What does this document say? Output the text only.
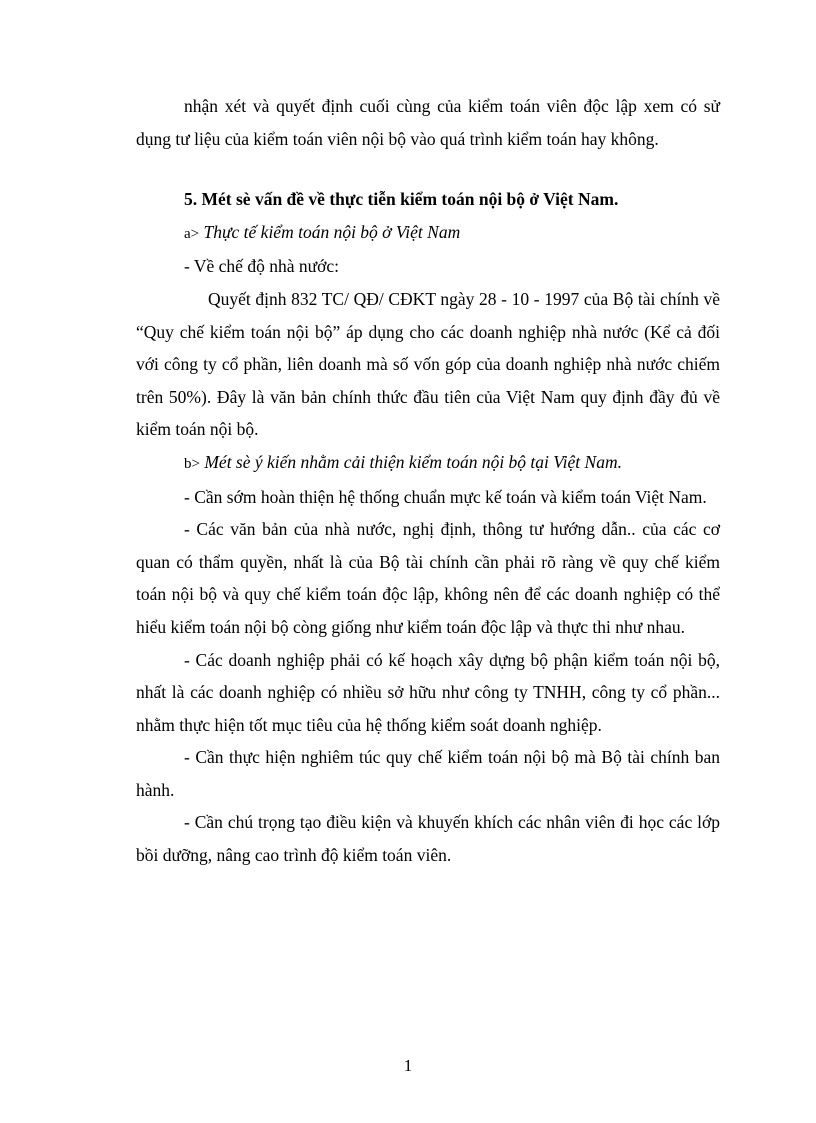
nhận xét và quyết định cuối cùng của kiểm toán viên độc lập xem có sử dụng tư liệu của kiểm toán viên nội bộ vào quá trình kiểm toán hay không.

5. Mét sè vấn đề về thực tiễn kiểm toán nội bộ ở Việt Nam.

a> Thực tế kiểm toán nội bộ ở Việt Nam

- Về chế độ nhà nước:

Quyết định 832 TC/ QĐ/ CĐKT ngày 28 - 10 - 1997 của Bộ tài chính về “Quy chế kiểm toán nội bộ” áp dụng cho các doanh nghiệp nhà nước (Kể cả đối với công ty cổ phần, liên doanh mà số vốn góp của doanh nghiệp nhà nước chiếm trên 50%). Đây là văn bản chính thức đầu tiên của Việt Nam quy định đầy đủ về kiểm toán nội bộ.

b> Mét sè ý kiến nhằm cải thiện kiểm toán nội bộ tại Việt Nam.

- Cần sớm hoàn thiện hệ thống chuẩn mực kế toán và kiểm toán Việt Nam.

- Các văn bản của nhà nước, nghị định, thông tư hướng dẫn.. của các cơ quan có thẩm quyền, nhất là của Bộ tài chính cần phải rõ ràng về quy chế kiểm toán nội bộ và quy chế kiểm toán độc lập, không nên để các doanh nghiệp có thể hiểu kiểm toán nội bộ còng giống như kiểm toán độc lập và thực thi như nhau.

- Các doanh nghiệp phải có kế hoạch xây dựng bộ phận kiểm toán nội bộ, nhất là các doanh nghiệp có nhiều sở hữu như công ty TNHH, công ty cổ phần... nhằm thực hiện tốt mục tiêu của hệ thống kiểm soát doanh nghiệp.

- Cần thực hiện nghiêm túc quy chế kiểm toán nội bộ mà Bộ tài chính ban hành.

- Cần chú trọng tạo điều kiện và khuyến khích các nhân viên đi học các lớp bồi dưỡng, nâng cao trình độ kiểm toán viên.

1
